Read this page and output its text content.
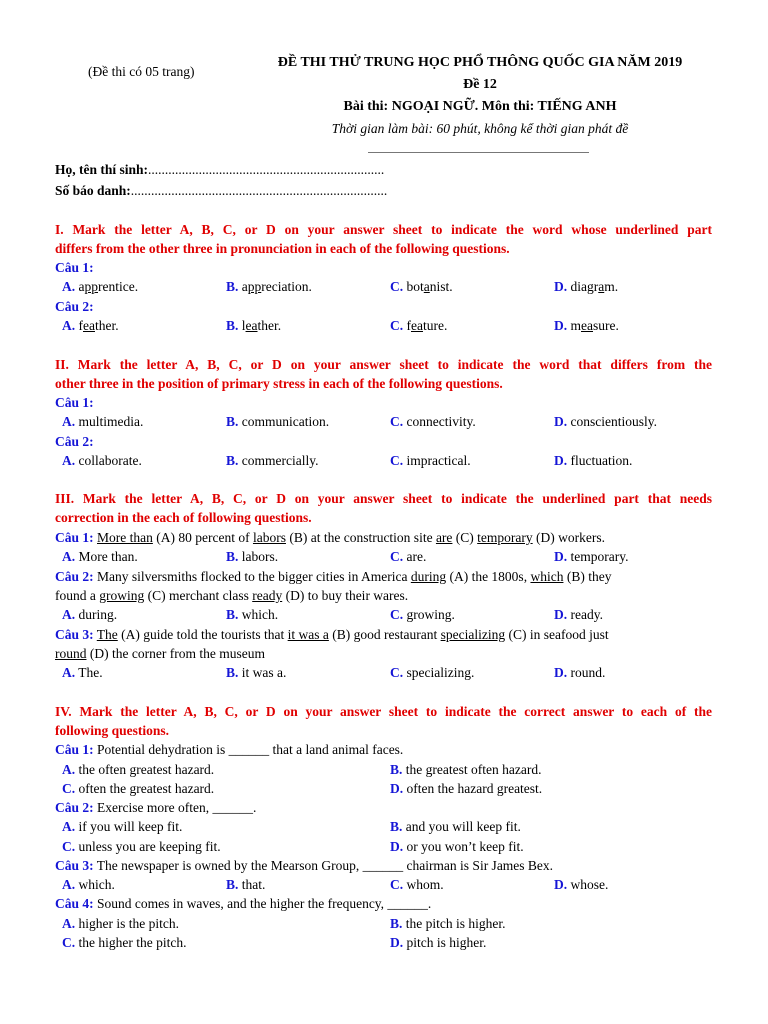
(Đề thi có 05 trang)
ĐỀ THI THỬ TRUNG HỌC PHỔ THÔNG QUỐC GIA NĂM 2019
Đề 12
Bài thi: NGOẠI NGỮ. Môn thi: TIẾNG ANH
Thời gian làm bài: 60 phút, không kể thời gian phát đề
Họ, tên thí sinh:......................................................................
Số báo danh:............................................................................
I. Mark the letter A, B, C, or D on your answer sheet to indicate the word whose underlined part
differs from the other three in pronunciation in each of the following questions.
Câu 1:
A. apprentice.	B. appreciation.	C. botanist.	D. diagram.
Câu 2:
A. feather.	B. leather.	C. feature.	D. measure.
II. Mark the letter A, B, C, or D on your answer sheet to indicate the word that differs from the
other three in the position of primary stress in each of the following questions.
Câu 1:
A. multimedia.	B. communication.	C. connectivity.	D. conscientiously.
Câu 2:
A. collaborate.	B. commercially.	C. impractical.	D. fluctuation.
III. Mark the letter A, B, C, or D on your answer sheet to indicate the underlined part that needs
correction in the each of following questions.
Câu 1: More than (A) 80 percent of labors (B) at the construction site are (C) temporary (D) workers.
A. More than.	B. labors.	C. are.	D. temporary.
Câu 2: Many silversmiths flocked to the bigger cities in America during (A) the 1800s, which (B) they
found a growing (C) merchant class ready (D) to buy their wares.
A. during.	B. which.	C. growing.	D. ready.
Câu 3: The (A) guide told the tourists that it was a (B) good restaurant specializing (C) in seafood just
round (D) the corner from the museum
A. The.	B. it was a.	C. specializing.	D. round.
IV. Mark the letter A, B, C, or D on your answer sheet to indicate the correct answer to each of the
following questions.
Câu 1: Potential dehydration is ______ that a land animal faces.
A. the often greatest hazard.	B. the greatest often hazard.
C. often the greatest hazard.	D. often the hazard greatest.
Câu 2: Exercise more often, ______.
A. if you will keep fit.	B. and you will keep fit.
C. unless you are keeping fit.	D. or you won’t keep fit.
Câu 3: The newspaper is owned by the Mearson Group, ______ chairman is Sir James Bex.
A. which.	B. that.	C. whom.	D. whose.
Câu 4: Sound comes in waves, and the higher the frequency, ______.
A. higher is the pitch.	B. the pitch is higher.
C. the higher the pitch.	D. pitch is higher.
